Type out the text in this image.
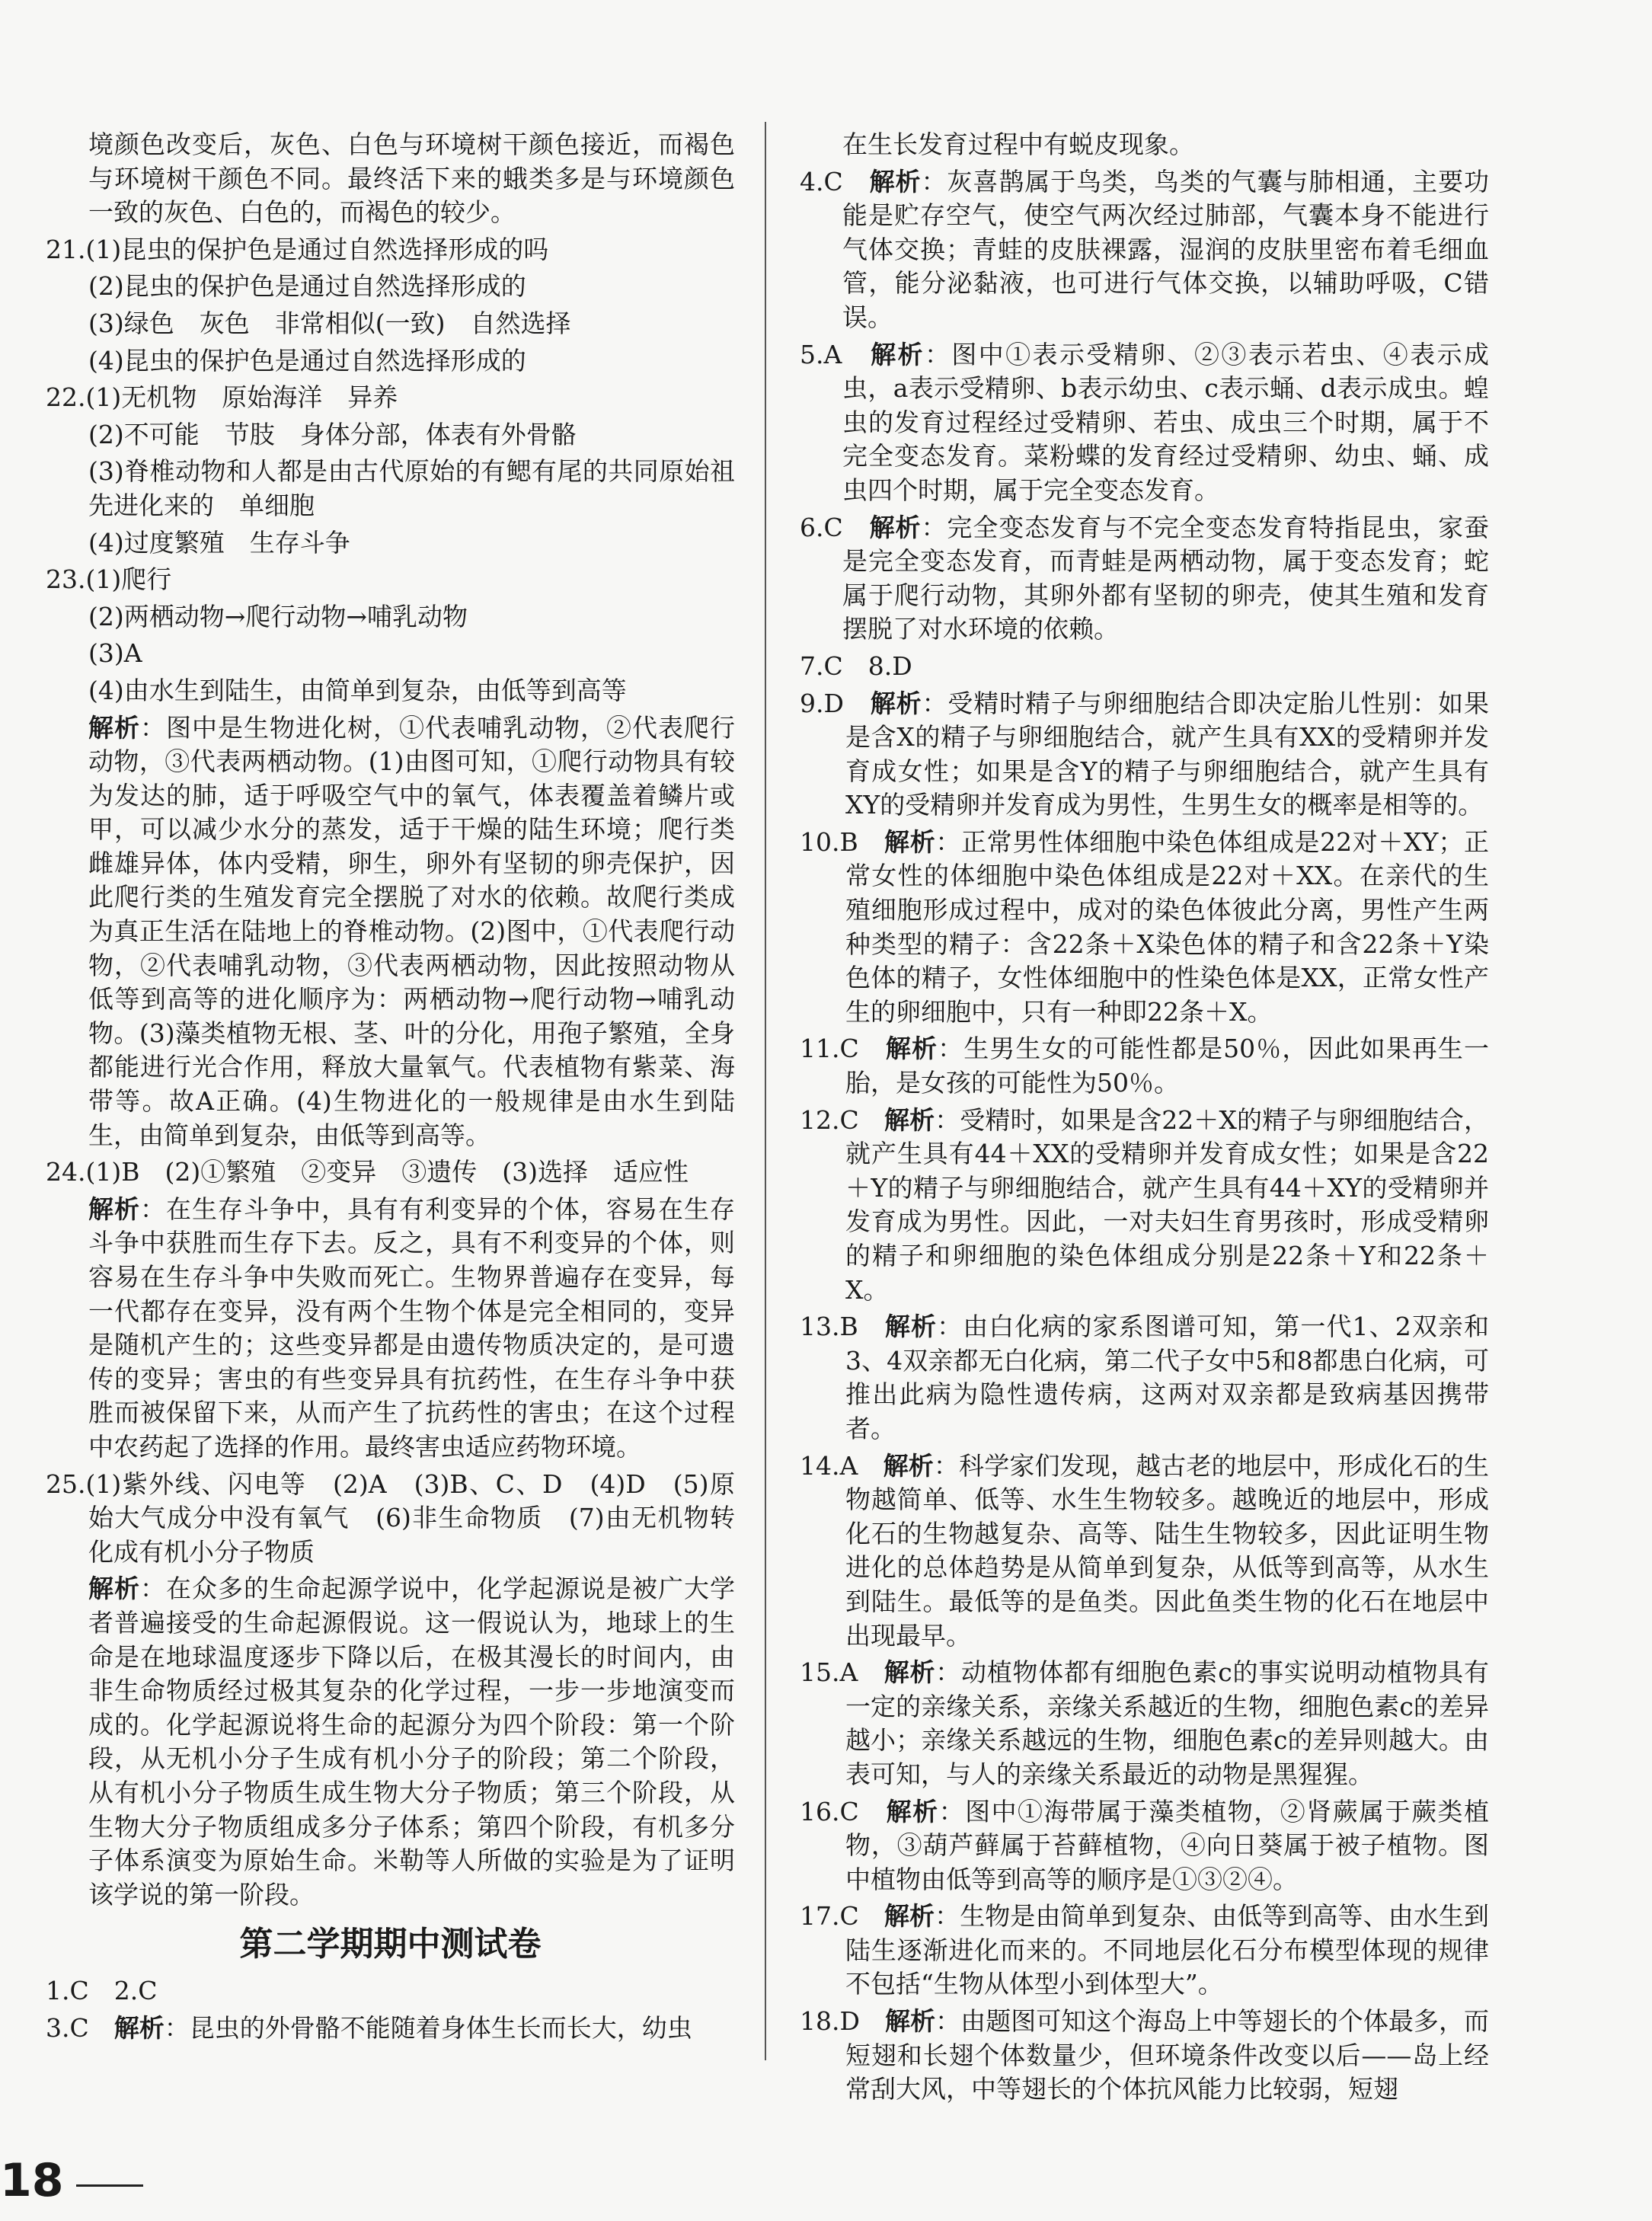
境颜色改变后，灰色、白色与环境树干颜色接近，而褐色与环境树干颜色不同。最终活下来的蛾类多是与环境颜色一致的灰色、白色的，而褐色的较少。

21.(1)昆虫的保护色是通过自然选择形成的吗

(2)昆虫的保护色是通过自然选择形成的

(3)绿色　灰色　非常相似(一致)　自然选择

(4)昆虫的保护色是通过自然选择形成的

22.(1)无机物　原始海洋　异养

(2)不可能　节肢　身体分部，体表有外骨骼

(3)脊椎动物和人都是由古代原始的有鳃有尾的共同原始祖先进化来的　单细胞

(4)过度繁殖　生存斗争

23.(1)爬行

(2)两栖动物→爬行动物→哺乳动物

(3)A

(4)由水生到陆生，由简单到复杂，由低等到高等

解析：图中是生物进化树，①代表哺乳动物，②代表爬行动物，③代表两栖动物。(1)由图可知，①爬行动物具有较为发达的肺，适于呼吸空气中的氧气，体表覆盖着鳞片或甲，可以减少水分的蒸发，适于干燥的陆生环境；爬行类雌雄异体，体内受精，卵生，卵外有坚韧的卵壳保护，因此爬行类的生殖发育完全摆脱了对水的依赖。故爬行类成为真正生活在陆地上的脊椎动物。(2)图中，①代表爬行动物，②代表哺乳动物，③代表两栖动物，因此按照动物从低等到高等的进化顺序为：两栖动物→爬行动物→哺乳动物。(3)藻类植物无根、茎、叶的分化，用孢子繁殖，全身都能进行光合作用，释放大量氧气。代表植物有紫菜、海带等。故A正确。(4)生物进化的一般规律是由水生到陆生，由简单到复杂，由低等到高等。

24.(1)B　(2)①繁殖　②变异　③遗传　(3)选择　适应性

解析：在生存斗争中，具有有利变异的个体，容易在生存斗争中获胜而生存下去。反之，具有不利变异的个体，则容易在生存斗争中失败而死亡。生物界普遍存在变异，每一代都存在变异，没有两个生物个体是完全相同的，变异是随机产生的；这些变异都是由遗传物质决定的，是可遗传的变异；害虫的有些变异具有抗药性，在生存斗争中获胜而被保留下来，从而产生了抗药性的害虫；在这个过程中农药起了选择的作用。最终害虫适应药物环境。

25.(1)紫外线、闪电等　(2)A　(3)B、C、D　(4)D　(5)原始大气成分中没有氧气　(6)非生命物质　(7)由无机物转化成有机小分子物质

解析：在众多的生命起源学说中，化学起源说是被广大学者普遍接受的生命起源假说。这一假说认为，地球上的生命是在地球温度逐步下降以后，在极其漫长的时间内，由非生命物质经过极其复杂的化学过程，一步一步地演变而成的。化学起源说将生命的起源分为四个阶段：第一个阶段，从无机小分子生成有机小分子的阶段；第二个阶段，从有机小分子物质生成生物大分子物质；第三个阶段，从生物大分子物质组成多分子体系；第四个阶段，有机多分子体系演变为原始生命。米勒等人所做的实验是为了证明该学说的第一阶段。

第二学期期中测试卷

1.C　2.C

3.C　解析：昆虫的外骨骼不能随着身体生长而长大，幼虫

在生长发育过程中有蜕皮现象。

4.C　解析：灰喜鹊属于鸟类，鸟类的气囊与肺相通，主要功能是贮存空气，使空气两次经过肺部，气囊本身不能进行气体交换；青蛙的皮肤裸露，湿润的皮肤里密布着毛细血管，能分泌黏液，也可进行气体交换，以辅助呼吸，C错误。

5.A　解析：图中①表示受精卵、②③表示若虫、④表示成虫，a表示受精卵、b表示幼虫、c表示蛹、d表示成虫。蝗虫的发育过程经过受精卵、若虫、成虫三个时期，属于不完全变态发育。菜粉蝶的发育经过受精卵、幼虫、蛹、成虫四个时期，属于完全变态发育。

6.C　解析：完全变态发育与不完全变态发育特指昆虫，家蚕是完全变态发育，而青蛙是两栖动物，属于变态发育；蛇属于爬行动物，其卵外都有坚韧的卵壳，使其生殖和发育摆脱了对水环境的依赖。

7.C　8.D

9.D　解析：受精时精子与卵细胞结合即决定胎儿性别：如果是含X的精子与卵细胞结合，就产生具有XX的受精卵并发育成女性；如果是含Y的精子与卵细胞结合，就产生具有XY的受精卵并发育成为男性，生男生女的概率是相等的。

10.B　解析：正常男性体细胞中染色体组成是22对＋XY；正常女性的体细胞中染色体组成是22对＋XX。在亲代的生殖细胞形成过程中，成对的染色体彼此分离，男性产生两种类型的精子：含22条＋X染色体的精子和含22条＋Y染色体的精子，女性体细胞中的性染色体是XX，正常女性产生的卵细胞中，只有一种即22条＋X。

11.C　解析：生男生女的可能性都是50％，因此如果再生一胎，是女孩的可能性为50％。

12.C　解析：受精时，如果是含22＋X的精子与卵细胞结合，就产生具有44＋XX的受精卵并发育成女性；如果是含22＋Y的精子与卵细胞结合，就产生具有44＋XY的受精卵并发育成为男性。因此，一对夫妇生育男孩时，形成受精卵的精子和卵细胞的染色体组成分别是22条＋Y和22条＋X。

13.B　解析：由白化病的家系图谱可知，第一代1、2双亲和3、4双亲都无白化病，第二代子女中5和8都患白化病，可推出此病为隐性遗传病，这两对双亲都是致病基因携带者。

14.A　解析：科学家们发现，越古老的地层中，形成化石的生物越简单、低等、水生生物较多。越晚近的地层中，形成化石的生物越复杂、高等、陆生生物较多，因此证明生物进化的总体趋势是从简单到复杂，从低等到高等，从水生到陆生。最低等的是鱼类。因此鱼类生物的化石在地层中出现最早。

15.A　解析：动植物体都有细胞色素c的事实说明动植物具有一定的亲缘关系，亲缘关系越近的生物，细胞色素c的差异越小；亲缘关系越远的生物，细胞色素c的差异则越大。由表可知，与人的亲缘关系最近的动物是黑猩猩。

16.C　解析：图中①海带属于藻类植物，②肾蕨属于蕨类植物，③葫芦藓属于苔藓植物，④向日葵属于被子植物。图中植物由低等到高等的顺序是①③②④。

17.C　解析：生物是由简单到复杂、由低等到高等、由水生到陆生逐渐进化而来的。不同地层化石分布模型体现的规律不包括“生物从体型小到体型大”。

18.D　解析：由题图可知这个海岛上中等翅长的个体最多，而短翅和长翅个体数量少，但环境条件改变以后——岛上经常刮大风，中等翅长的个体抗风能力比较弱，短翅

18
